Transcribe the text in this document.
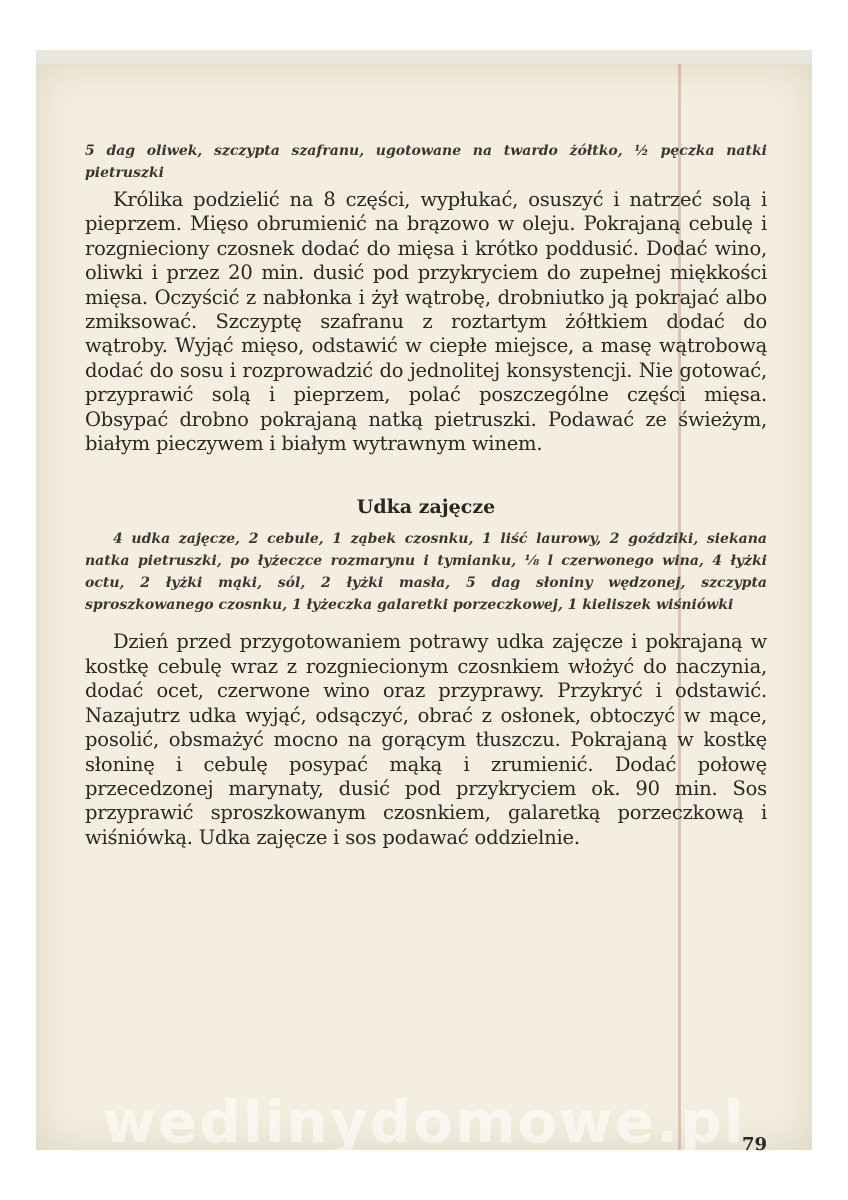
5 dag oliwek, szczypta szafranu, ugotowane na twardo żółtko, ½ pęczka natki pietruszki

Królika podzielić na 8 części, wypłukać, osuszyć i natrzeć solą i pieprzem. Mięso obrumienić na brązowo w oleju. Pokrajaną cebulę i rozgnieciony czosnek dodać do mięsa i krótko poddusić. Dodać wino, oliwki i przez 20 min. dusić pod przykryciem do zupełnej miękkości mięsa. Oczyścić z nabłonka i żył wątrobę, drobniutko ją pokrajać albo zmiksować. Szczyptę szafranu z roztartym żółtkiem dodać do wątroby. Wyjąć mięso, odstawić w ciepłe miejsce, a masę wątrobową dodać do sosu i rozprowadzić do jednolitej konsystencji. Nie gotować, przyprawić solą i pieprzem, polać poszczególne części mięsa. Obsypać drobno pokrajaną natką pietruszki. Podawać ze świeżym, białym pieczywem i białym wytrawnym winem.

Udka zajęcze

4 udka zajęcze, 2 cebule, 1 ząbek czosnku, 1 liść laurowy, 2 goździki, siekana natka pietruszki, po łyżeczce rozmarynu i tymianku, ⅛ l czerwonego wina, 4 łyżki octu, 2 łyżki mąki, sól, 2 łyżki masła, 5 dag słoniny wędzonej, szczypta sproszkowanego czosnku, 1 łyżeczka galaretki porzeczkowej, 1 kieliszek wiśniówki

Dzień przed przygotowaniem potrawy udka zajęcze i pokrajaną w kostkę cebulę wraz z rozgniecionym czosnkiem włożyć do naczynia, dodać ocet, czerwone wino oraz przyprawy. Przykryć i odstawić. Nazajutrz udka wyjąć, odsączyć, obrać z osłonek, obtoczyć w mące, posolić, obsmażyć mocno na gorącym tłuszczu. Pokrajaną w kostkę słoninę i cebulę posypać mąką i zrumienić. Dodać połowę przecedzonej marynaty, dusić pod przykryciem ok. 90 min. Sos przyprawić sproszkowanym czosnkiem, galaretką porzeczkową i wiśniówką. Udka zajęcze i sos podawać oddzielnie.

wedlinydomowe.pl
79
